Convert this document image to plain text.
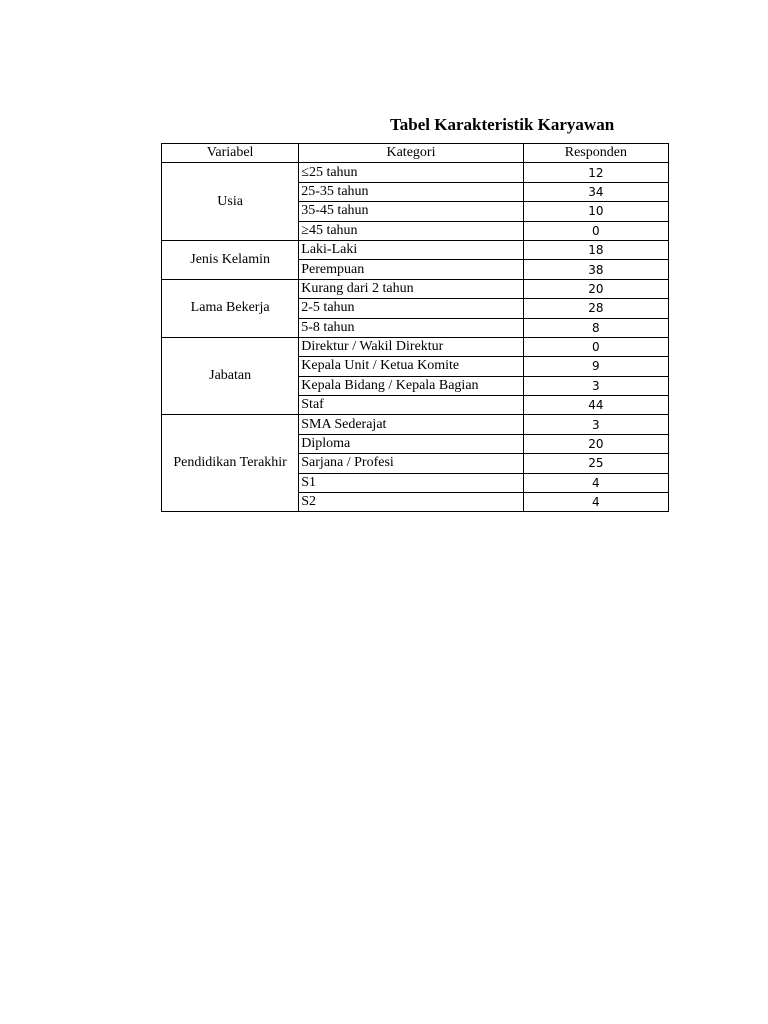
Tabel Karakteristik Karyawan
Variabel	Kategori	Responden
Usia	≤25 tahun	12
	25-35 tahun	34
	35-45 tahun	10
	≥45 tahun	0
Jenis Kelamin	Laki-Laki	18
	Perempuan	38
Lama Bekerja	Kurang dari 2 tahun	20
	2-5 tahun	28
	5-8 tahun	8
Jabatan	Direktur / Wakil Direktur	0
	Kepala Unit / Ketua Komite	9
	Kepala Bidang / Kepala Bagian	3
	Staf	44
Pendidikan Terakhir	SMA Sederajat	3
	Diploma	20
	Sarjana / Profesi	25
	S1	4
	S2	4
